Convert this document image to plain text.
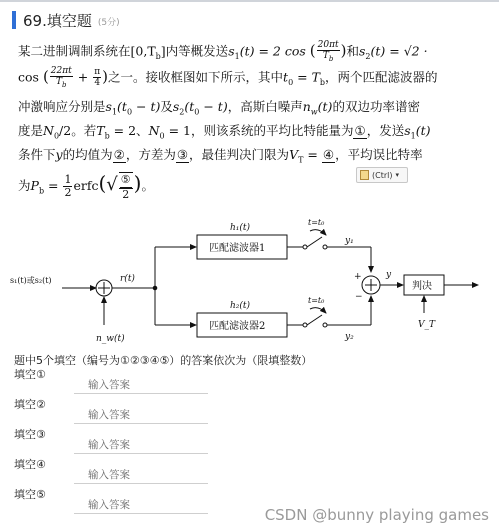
69.填空题 (5分)
某二进制调制系统在$[0,T_b]$内等概发送$s_1(t) = 2$ cos ( $\frac{20\pi t}{T_b}$ )和$s_2(t) = √2$ ·
cos ( $\frac{22\pi t}{T_b} + \frac{\pi}{4}$ )之一。接收框图如下所示，其中$t_0 = T_b$，两个匹配滤波器的
冲激响应分别是$s_1(t_0 - t)$及$s_2(t_0 - t)$，高斯白噪声$n_w(t)$的双边功率谱密
度是$N_0/2$。若$T_b = 2$、$N_0 = 1$，则该系统的平均比特能量为①，发送$s_1(t)$
条件下y的均值为②，方差为③，最佳判决门限为$V_T$ = ④，平均误比特率
为$P_b = \frac{1}{2}$ erfc(√ $\frac{\text{⑤}}{2}$ )。
(Ctrl) ▾
s₁(t)或s₂(t)	r(t)
n_w(t)
h₁(t)
h₂(t)
匹配滤波器1
匹配滤波器2
t=t₀
t=t₀
y₁
y₂
+
−
y
判决
V_T
题中5个填空（编号为①②③④⑤）的答案依次为（限填整数）
填空①
输入答案
填空②
输入答案
填空③
输入答案
填空④
输入答案
填空⑤
输入答案
CSDN @bunny playing games
